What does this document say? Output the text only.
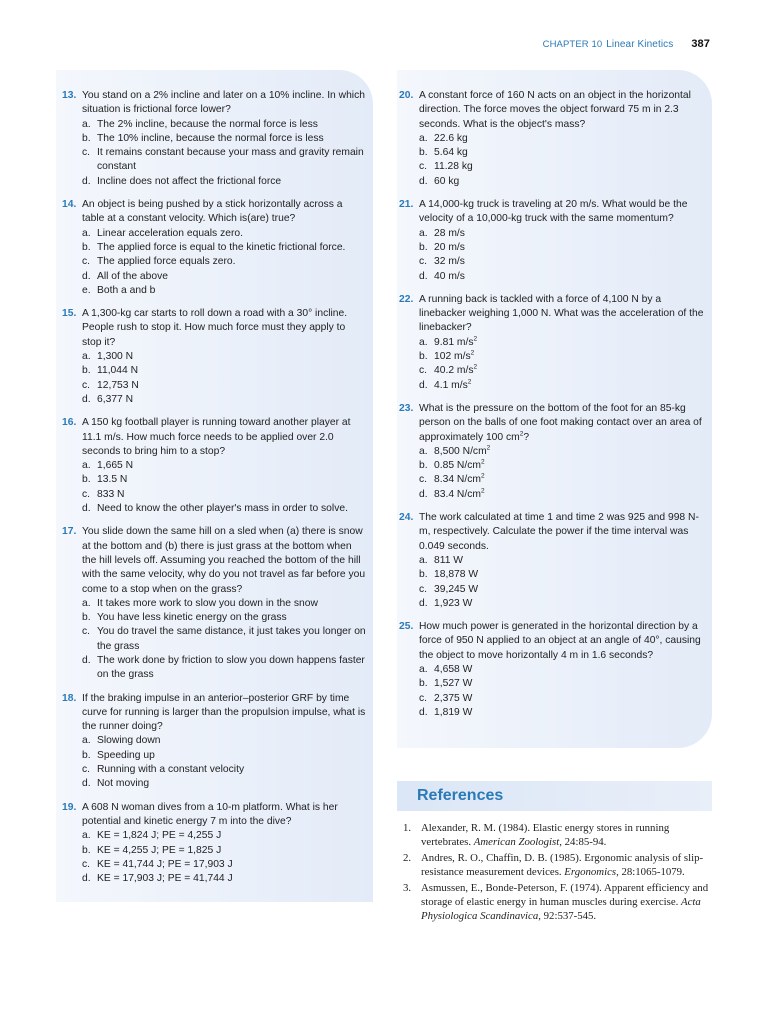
CHAPTER 10 Linear Kinetics 387
13. You stand on a 2% incline and later on a 10% incline. In which situation is frictional force lower?
a. The 2% incline, because the normal force is less
b. The 10% incline, because the normal force is less
c. It remains constant because your mass and gravity remain constant
d. Incline does not affect the frictional force
14. An object is being pushed by a stick horizontally across a table at a constant velocity. Which is(are) true?
a. Linear acceleration equals zero.
b. The applied force is equal to the kinetic frictional force.
c. The applied force equals zero.
d. All of the above
e. Both a and b
15. A 1,300-kg car starts to roll down a road with a 30° incline. People rush to stop it. How much force must they apply to stop it?
a. 1,300 N
b. 11,044 N
c. 12,753 N
d. 6,377 N
16. A 150 kg football player is running toward another player at 11.1 m/s. How much force needs to be applied over 2.0 seconds to bring him to a stop?
a. 1,665 N
b. 13.5 N
c. 833 N
d. Need to know the other player's mass in order to solve.
17. You slide down the same hill on a sled when (a) there is snow at the bottom and (b) there is just grass at the bottom when the hill levels off. Assuming you reached the bottom of the hill with the same velocity, why do you not travel as far before you come to a stop when on the grass?
a. It takes more work to slow you down in the snow
b. You have less kinetic energy on the grass
c. You do travel the same distance, it just takes you longer on the grass
d. The work done by friction to slow you down happens faster on the grass
18. If the braking impulse in an anterior–posterior GRF by time curve for running is larger than the propulsion impulse, what is the runner doing?
a. Slowing down
b. Speeding up
c. Running with a constant velocity
d. Not moving
19. A 608 N woman dives from a 10-m platform. What is her potential and kinetic energy 7 m into the dive?
a. KE = 1,824 J; PE = 4,255 J
b. KE = 4,255 J; PE = 1,825 J
c. KE = 41,744 J; PE = 17,903 J
d. KE = 17,903 J; PE = 41,744 J
20. A constant force of 160 N acts on an object in the horizontal direction. The force moves the object forward 75 m in 2.3 seconds. What is the object's mass?
a. 22.6 kg
b. 5.64 kg
c. 11.28 kg
d. 60 kg
21. A 14,000-kg truck is traveling at 20 m/s. What would be the velocity of a 10,000-kg truck with the same momentum?
a. 28 m/s
b. 20 m/s
c. 32 m/s
d. 40 m/s
22. A running back is tackled with a force of 4,100 N by a linebacker weighing 1,000 N. What was the acceleration of the linebacker?
a. 9.81 $m/s^2$
b. 102 $m/s^2$
c. 40.2 $m/s^2$
d. 4.1 $m/s^2$
23. What is the pressure on the bottom of the foot for an 85-kg person on the balls of one foot making contact over an area of approximately 100 $cm^2$?
a. 8,500 $N/cm^2$
b. 0.85 $N/cm^2$
c. 8.34 $N/cm^2$
d. 83.4 $N/cm^2$
24. The work calculated at time 1 and time 2 was 925 and 998 N-m, respectively. Calculate the power if the time interval was 0.049 seconds.
a. 811 W
b. 18,878 W
c. 39,245 W
d. 1,923 W
25. How much power is generated in the horizontal direction by a force of 950 N applied to an object at an angle of 40°, causing the object to move horizontally 4 m in 1.6 seconds?
a. 4,658 W
b. 1,527 W
c. 2,375 W
d. 1,819 W
References
1. Alexander, R. M. (1984). Elastic energy stores in running vertebrates. American Zoologist, 24:85-94.
2. Andres, R. O., Chaffin, D. B. (1985). Ergonomic analysis of slip-resistance measurement devices. Ergonomics, 28:1065-1079.
3. Asmussen, E., Bonde-Peterson, F. (1974). Apparent efficiency and storage of elastic energy in human muscles during exercise. Acta Physiologica Scandinavica, 92:537-545.
